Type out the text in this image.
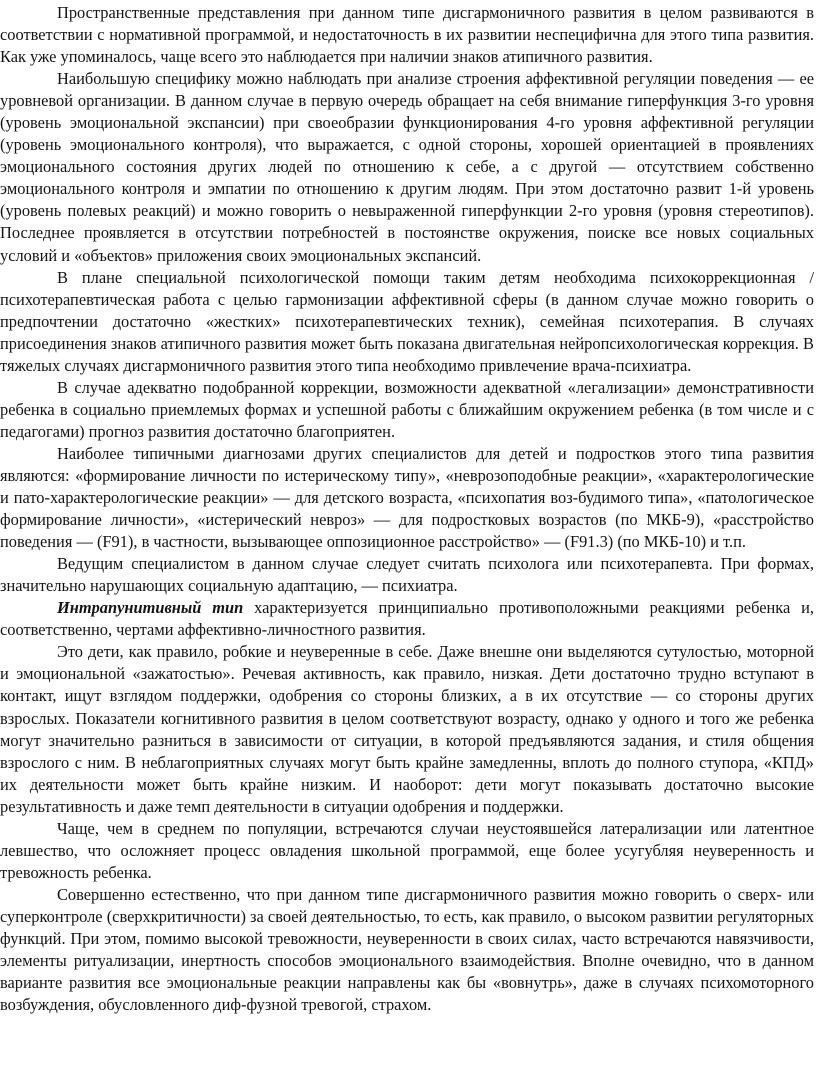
Пространственные представления при данном типе дисгармоничного развития в целом развиваются в соответствии с нормативной программой, и недостаточность в их развитии неспецифична для этого типа развития. Как уже упоминалось, чаще всего это наблюдается при наличии знаков атипичного развития.

Наибольшую специфику можно наблюдать при анализе строения аффективной регуляции поведения — ее уровневой организации. В данном случае в первую очередь обращает на себя внимание гиперфункция 3-го уровня (уровень эмоциональной экспансии) при своеобразии функционирования 4-го уровня аффективной регуляции (уровень эмоционального контроля), что выражается, с одной стороны, хорошей ориентацией в проявлениях эмоционального состояния других людей по отношению к себе, а с другой — отсутствием собственно эмоционального контроля и эмпатии по отношению к другим людям. При этом достаточно развит 1-й уровень (уровень полевых реакций) и можно говорить о невыраженной гиперфункции 2-го уровня (уровня стереотипов). Последнее проявляется в отсутствии потребностей в постоянстве окружения, поиске все новых социальных условий и «объектов» приложения своих эмоциональных экспансий.

В плане специальной психологической помощи таким детям необходима психокоррекционная / психотерапевтическая работа с целью гармонизации аффективной сферы (в данном случае можно говорить о предпочтении достаточно «жестких» психотерапевтических техник), семейная психотерапия. В случаях присоединения знаков атипичного развития может быть показана двигательная нейропсихологическая коррекция. В тяжелых случаях дисгармоничного развития этого типа необходимо привлечение врача-психиатра.

В случае адекватно подобранной коррекции, возможности адекватной «легализации» демонстративности ребенка в социально приемлемых формах и успешной работы с ближайшим окружением ребенка (в том числе и с педагогами) прогноз развития достаточно благоприятен.

Наиболее типичными диагнозами других специалистов для детей и подростков этого типа развития являются: «формирование личности по истерическому типу», «неврозоподобные реакции», «характерологические и пато-характерологические реакции» — для детского возраста, «психопатия воз-будимого типа», «патологическое формирование личности», «истерический невроз» — для подростковых возрастов (по МКБ-9), «расстройство поведения — (F91), в частности, вызывающее оппозиционное расстройство» — (F91.3) (по МКБ-10) и т.п.

Ведущим специалистом в данном случае следует считать психолога или психотерапевта. При формах, значительно нарушающих социальную адаптацию, — психиатра.

Интрапунитивный тип характеризуется принципиально противоположными реакциями ребенка и, соответственно, чертами аффективно-личностного развития.

Это дети, как правило, робкие и неуверенные в себе. Даже внешне они выделяются сутулостью, моторной и эмоциональной «зажатостью». Речевая активность, как правило, низкая. Дети достаточно трудно вступают в контакт, ищут взглядом поддержки, одобрения со стороны близких, а в их отсутствие — со стороны других взрослых. Показатели когнитивного развития в целом соответствуют возрасту, однако у одного и того же ребенка могут значительно разниться в зависимости от ситуации, в которой предъявляются задания, и стиля общения взрослого с ним. В неблагоприятных случаях могут быть крайне замедленны, вплоть до полного ступора, «КПД» их деятельности может быть крайне низким. И наоборот: дети могут показывать достаточно высокие результативность и даже темп деятельности в ситуации одобрения и поддержки.

Чаще, чем в среднем по популяции, встречаются случаи неустоявшейся латерализации или латентное левшество, что осложняет процесс овладения школьной программой, еще более усугубляя неуверенность и тревожность ребенка.

Совершенно естественно, что при данном типе дисгармоничного развития можно говорить о сверх- или суперконтроле (сверхкритичности) за своей деятельностью, то есть, как правило, о высоком развитии регуляторных функций. При этом, помимо высокой тревожности, неуверенности в своих силах, часто встречаются навязчивости, элементы ритуализации, инертность способов эмоционального взаимодействия. Вполне очевидно, что в данном варианте развития все эмоциональные реакции направлены как бы «вовнутрь», даже в случаях психомоторного возбуждения, обусловленного диф-фузной тревогой, страхом.
